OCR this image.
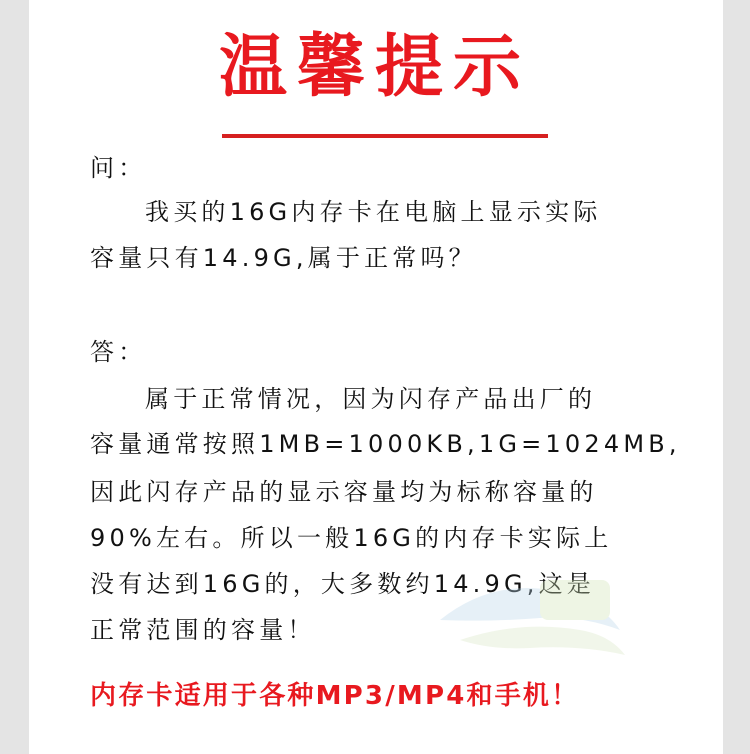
温馨提示
问：
我买的16G内存卡在电脑上显示实际
容量只有14.9G,属于正常吗？
答：
属于正常情况，因为闪存产品出厂的
容量通常按照1MB=1000KB,1G=1024MB,
因此闪存产品的显示容量均为标称容量的
90%左右。所以一般16G的内存卡实际上
没有达到16G的，大多数约14.9G,这是
正常范围的容量！
内存卡适用于各种MP3/MP4和手机！
